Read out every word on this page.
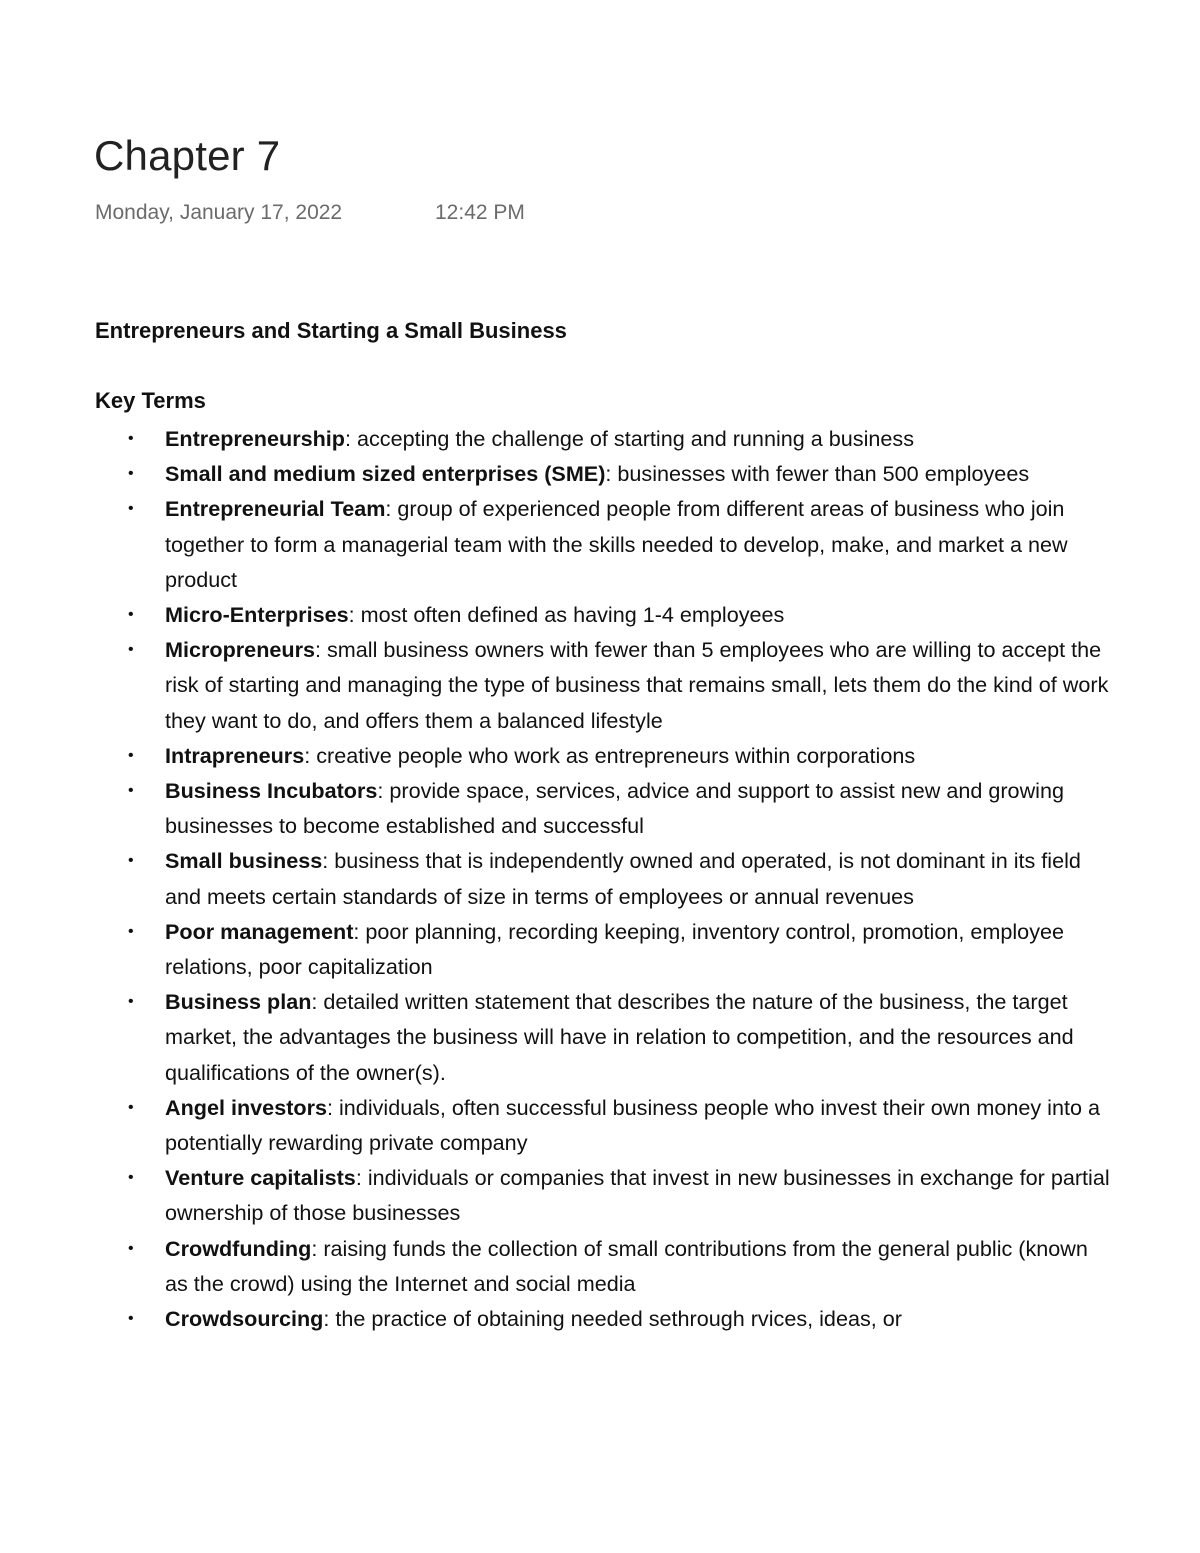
Chapter 7
Monday, January 17, 2022	12:42 PM
Entrepreneurs and Starting a Small Business
Key Terms
• Entrepreneurship: accepting the challenge of starting and running a business
• Small and medium sized enterprises (SME): businesses with fewer than 500 employees
• Entrepreneurial Team: group of experienced people from different areas of business who join together to form a managerial team with the skills needed to develop, make, and market a new product
• Micro-Enterprises: most often defined as having 1-4 employees
• Micropreneurs: small business owners with fewer than 5 employees who are willing to accept the risk of starting and managing the type of business that remains small, lets them do the kind of work they want to do, and offers them a balanced lifestyle
• Intrapreneurs: creative people who work as entrepreneurs within corporations
• Business Incubators: provide space, services, advice and support to assist new and growing businesses to become established and successful
• Small business: business that is independently owned and operated, is not dominant in its field and meets certain standards of size in terms of employees or annual revenues
• Poor management: poor planning, recording keeping, inventory control, promotion, employee relations, poor capitalization
• Business plan: detailed written statement that describes the nature of the business, the target market, the advantages the business will have in relation to competition, and the resources and qualifications of the owner(s).
• Angel investors: individuals, often successful business people who invest their own money into a potentially rewarding private company
• Venture capitalists: individuals or companies that invest in new businesses in exchange for partial ownership of those businesses
• Crowdfunding: raising funds the collection of small contributions from the general public (known as the crowd) using the Internet and social media
• Crowdsourcing: the practice of obtaining needed sethrough rvices, ideas, or
